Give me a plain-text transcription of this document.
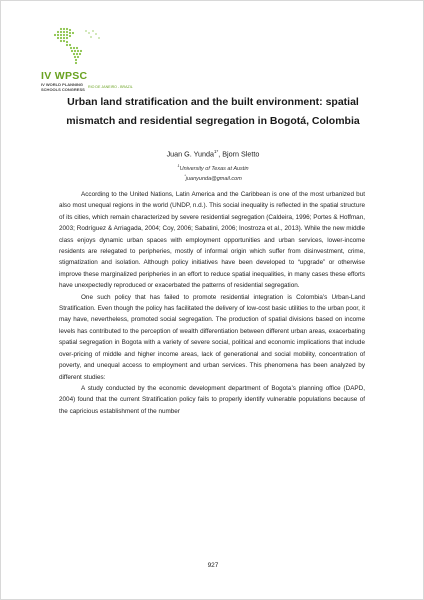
IV WPSC
IV WORLD PLANNING
SCHOOLS CONGRESS RIO DE JANEIRO - BRAZIL
Urban land stratification and the built environment: spatial
mismatch and residential segregation in Bogotá, Colombia
Juan G. Yunda$^{1*}$, Bjorn Sletto
$^1$University of Texas at Austin
*juanyunda@gmail.com

According to the United Nations, Latin America and the Caribbean is one of the most urbanized but also most unequal regions in the world (UNDP, n.d.). This social inequality is reflected in the spatial structure of its cities, which remain characterized by severe residential segregation (Caldeira, 1996; Portes & Hoffman, 2003; Rodríguez & Arriagada, 2004; Coy, 2006; Sabatini, 2006; Inostroza et al., 2013). While the new middle class enjoys dynamic urban spaces with employment opportunities and urban services, lower-income residents are relegated to peripheries, mostly of informal origin which suffer from disinvestment, crime, stigmatization and isolation. Although policy initiatives have been developed to “upgrade” or otherwise improve these marginalized peripheries in an effort to reduce spatial inequalities, in many cases these efforts have unexpectedly reproduced or exacerbated the patterns of residential segregation.

One such policy that has failed to promote residential integration is Colombia’s Urban-Land Stratification. Even though the policy has facilitated the delivery of low-cost basic utilities to the urban poor, it may have, nevertheless, promoted social segregation. The production of spatial divisions based on income levels has contributed to the perception of wealth differentiation between different urban areas, exacerbating spatial segregation in Bogota with a variety of severe social, political and economic implications that include over-pricing of middle and higher income areas, lack of generational and social mobility, concentration of poverty, and unequal access to employment and urban services. This phenomena has been analyzed by different studies:

A study conducted by the economic development department of Bogota’s planning office (DAPD, 2004) found that the current Stratification policy fails to properly identify vulnerable populations because of the capricious establishment of the number

927
